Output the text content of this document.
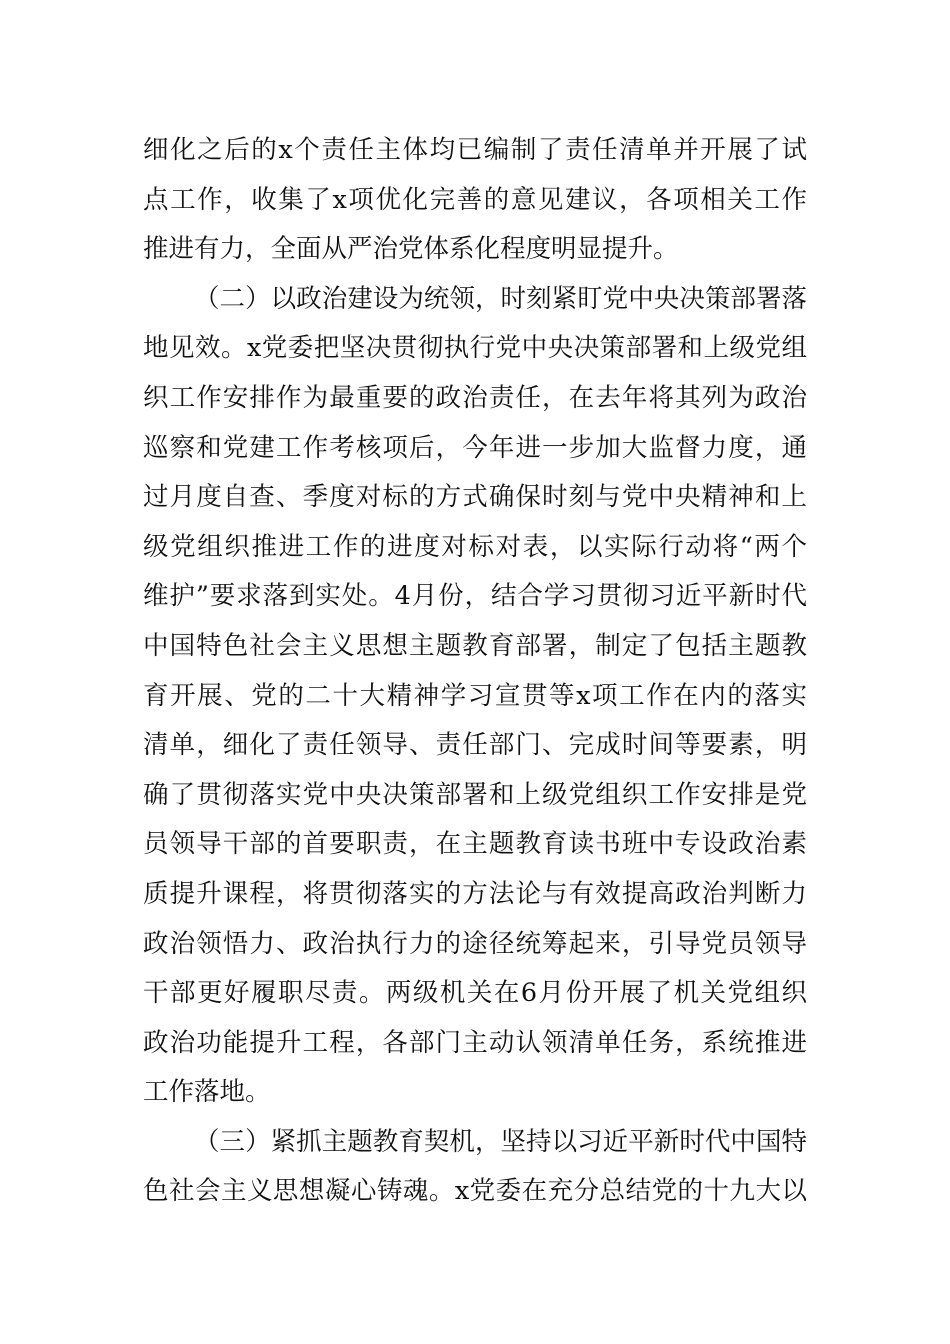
细化之后的x个责任主体均已编制了责任清单并开展了试
点工作，收集了x项优化完善的意见建议，各项相关工作
推进有力，全面从严治党体系化程度明显提升。
（二）以政治建设为统领，时刻紧盯党中央决策部署落
地见效。x党委把坚决贯彻执行党中央决策部署和上级党组
织工作安排作为最重要的政治责任，在去年将其列为政治
巡察和党建工作考核项后，今年进一步加大监督力度，通
过月度自查、季度对标的方式确保时刻与党中央精神和上
级党组织推进工作的进度对标对表，以实际行动将“两个
维护”要求落到实处。4月份，结合学习贯彻习近平新时代
中国特色社会主义思想主题教育部署，制定了包括主题教
育开展、党的二十大精神学习宣贯等x项工作在内的落实
清单，细化了责任领导、责任部门、完成时间等要素，明
确了贯彻落实党中央决策部署和上级党组织工作安排是党
员领导干部的首要职责，在主题教育读书班中专设政治素
质提升课程，将贯彻落实的方法论与有效提高政治判断力
政治领悟力、政治执行力的途径统筹起来，引导党员领导
干部更好履职尽责。两级机关在6月份开展了机关党组织
政治功能提升工程，各部门主动认领清单任务，系统推进
工作落地。
（三）紧抓主题教育契机，坚持以习近平新时代中国特
色社会主义思想凝心铸魂。x党委在充分总结党的十九大以
